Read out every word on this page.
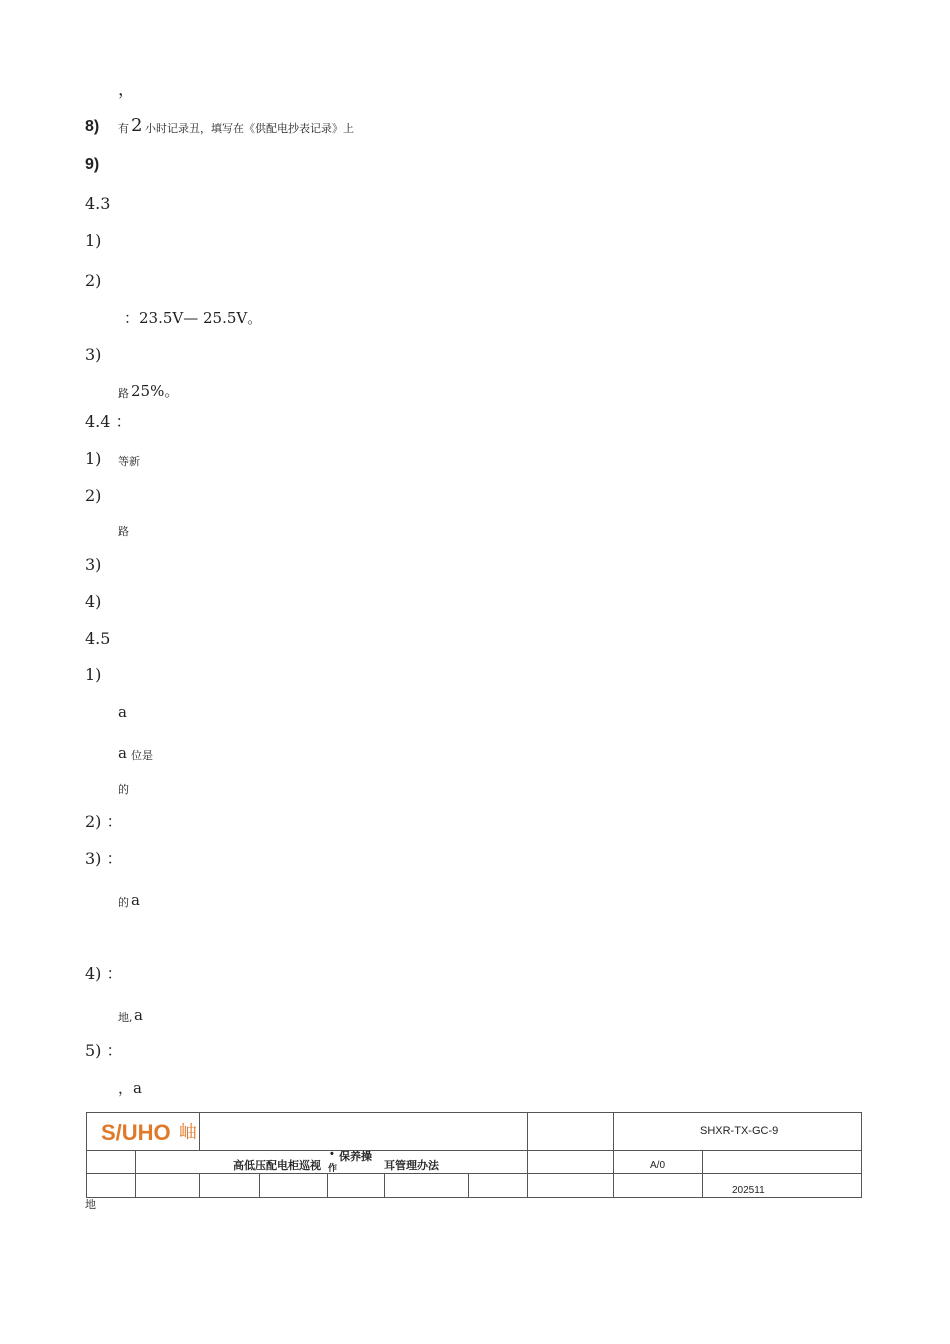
，
8) 有 2 小时记录丑，填写在《供配电抄表记录》上
9)
4.3
1)
2)
：23.5V— 25.5V。
3)
路 25%。
4.4 ：
1) 等新
2)
路
3)
4)
4.5
1)
a
a 位是
的
2) ：
3) ：
的 a
4) ：
地, a
5) ：
，a
S/UHO 岫	SHXR-TX-GC-9
高低压配电柜巡视 作
• 保养操
耳管理办法	A/0
202511
地
